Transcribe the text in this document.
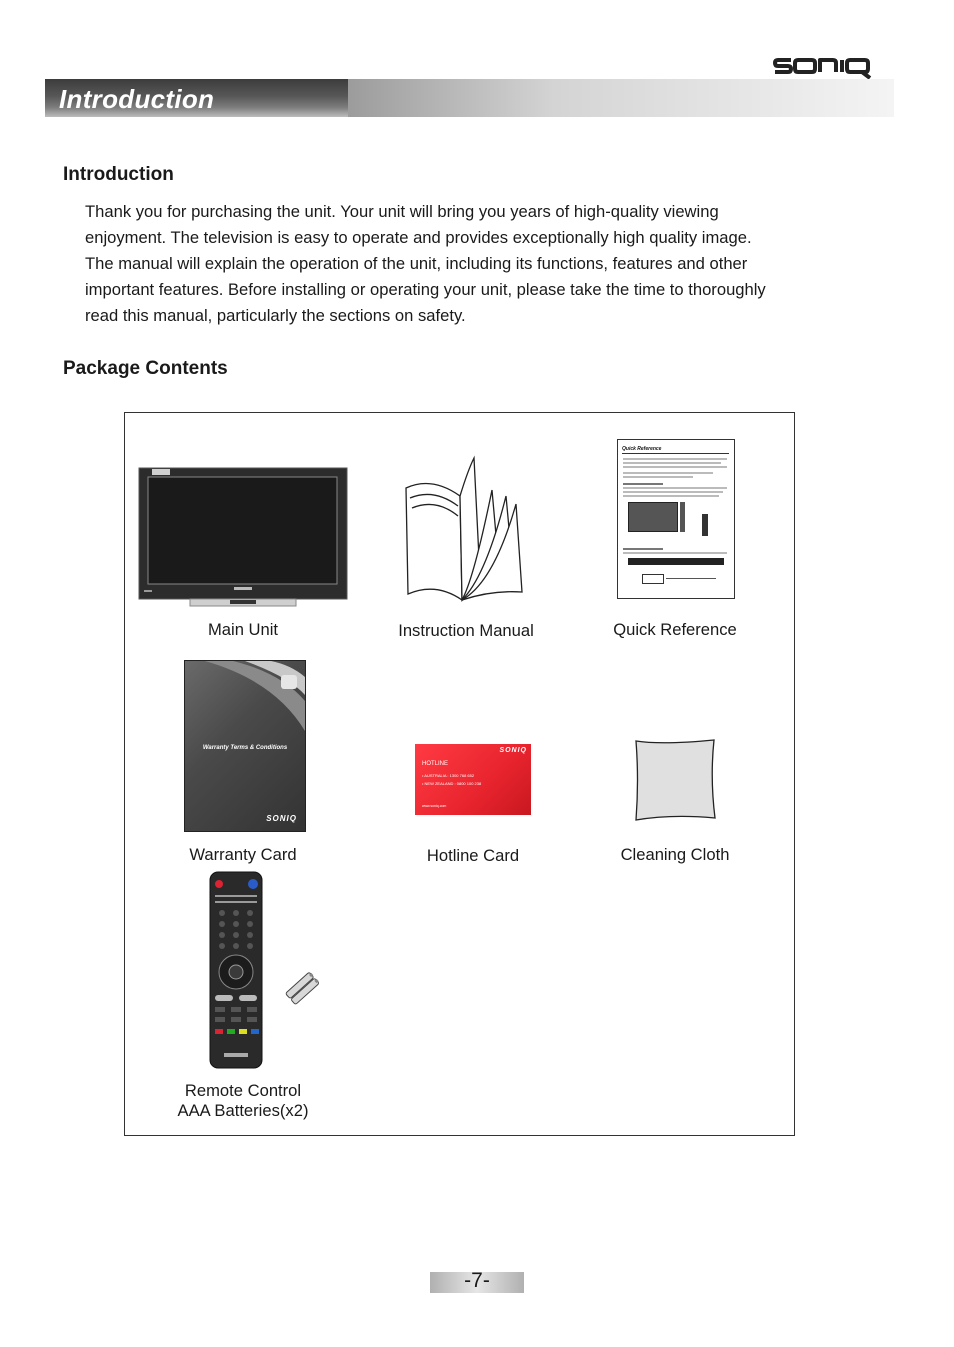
Introduction
Introduction
Thank you for purchasing the unit. Your unit will bring you years of high-quality viewing
enjoyment. The television is easy to operate and provides exceptionally high quality image.
The manual will explain the operation of the unit, including its functions, features and other
important features. Before installing or operating your unit, please take the time to thoroughly
read this manual, particularly the sections on safety.
Package Contents
Main Unit	Instruction Manual
Quick Reference
Quick Reference
Warranty Terms & Conditions
SONIQ
Warranty Card
SONIQ
HOTLINE
• AUSTRALIA : 1300 768 652
• NEW ZEALAND : 0800 100 238
www.soniq.com
Hotline Card	Cleaning Cloth
Remote Control
AAA Batteries(x2)
-7-
